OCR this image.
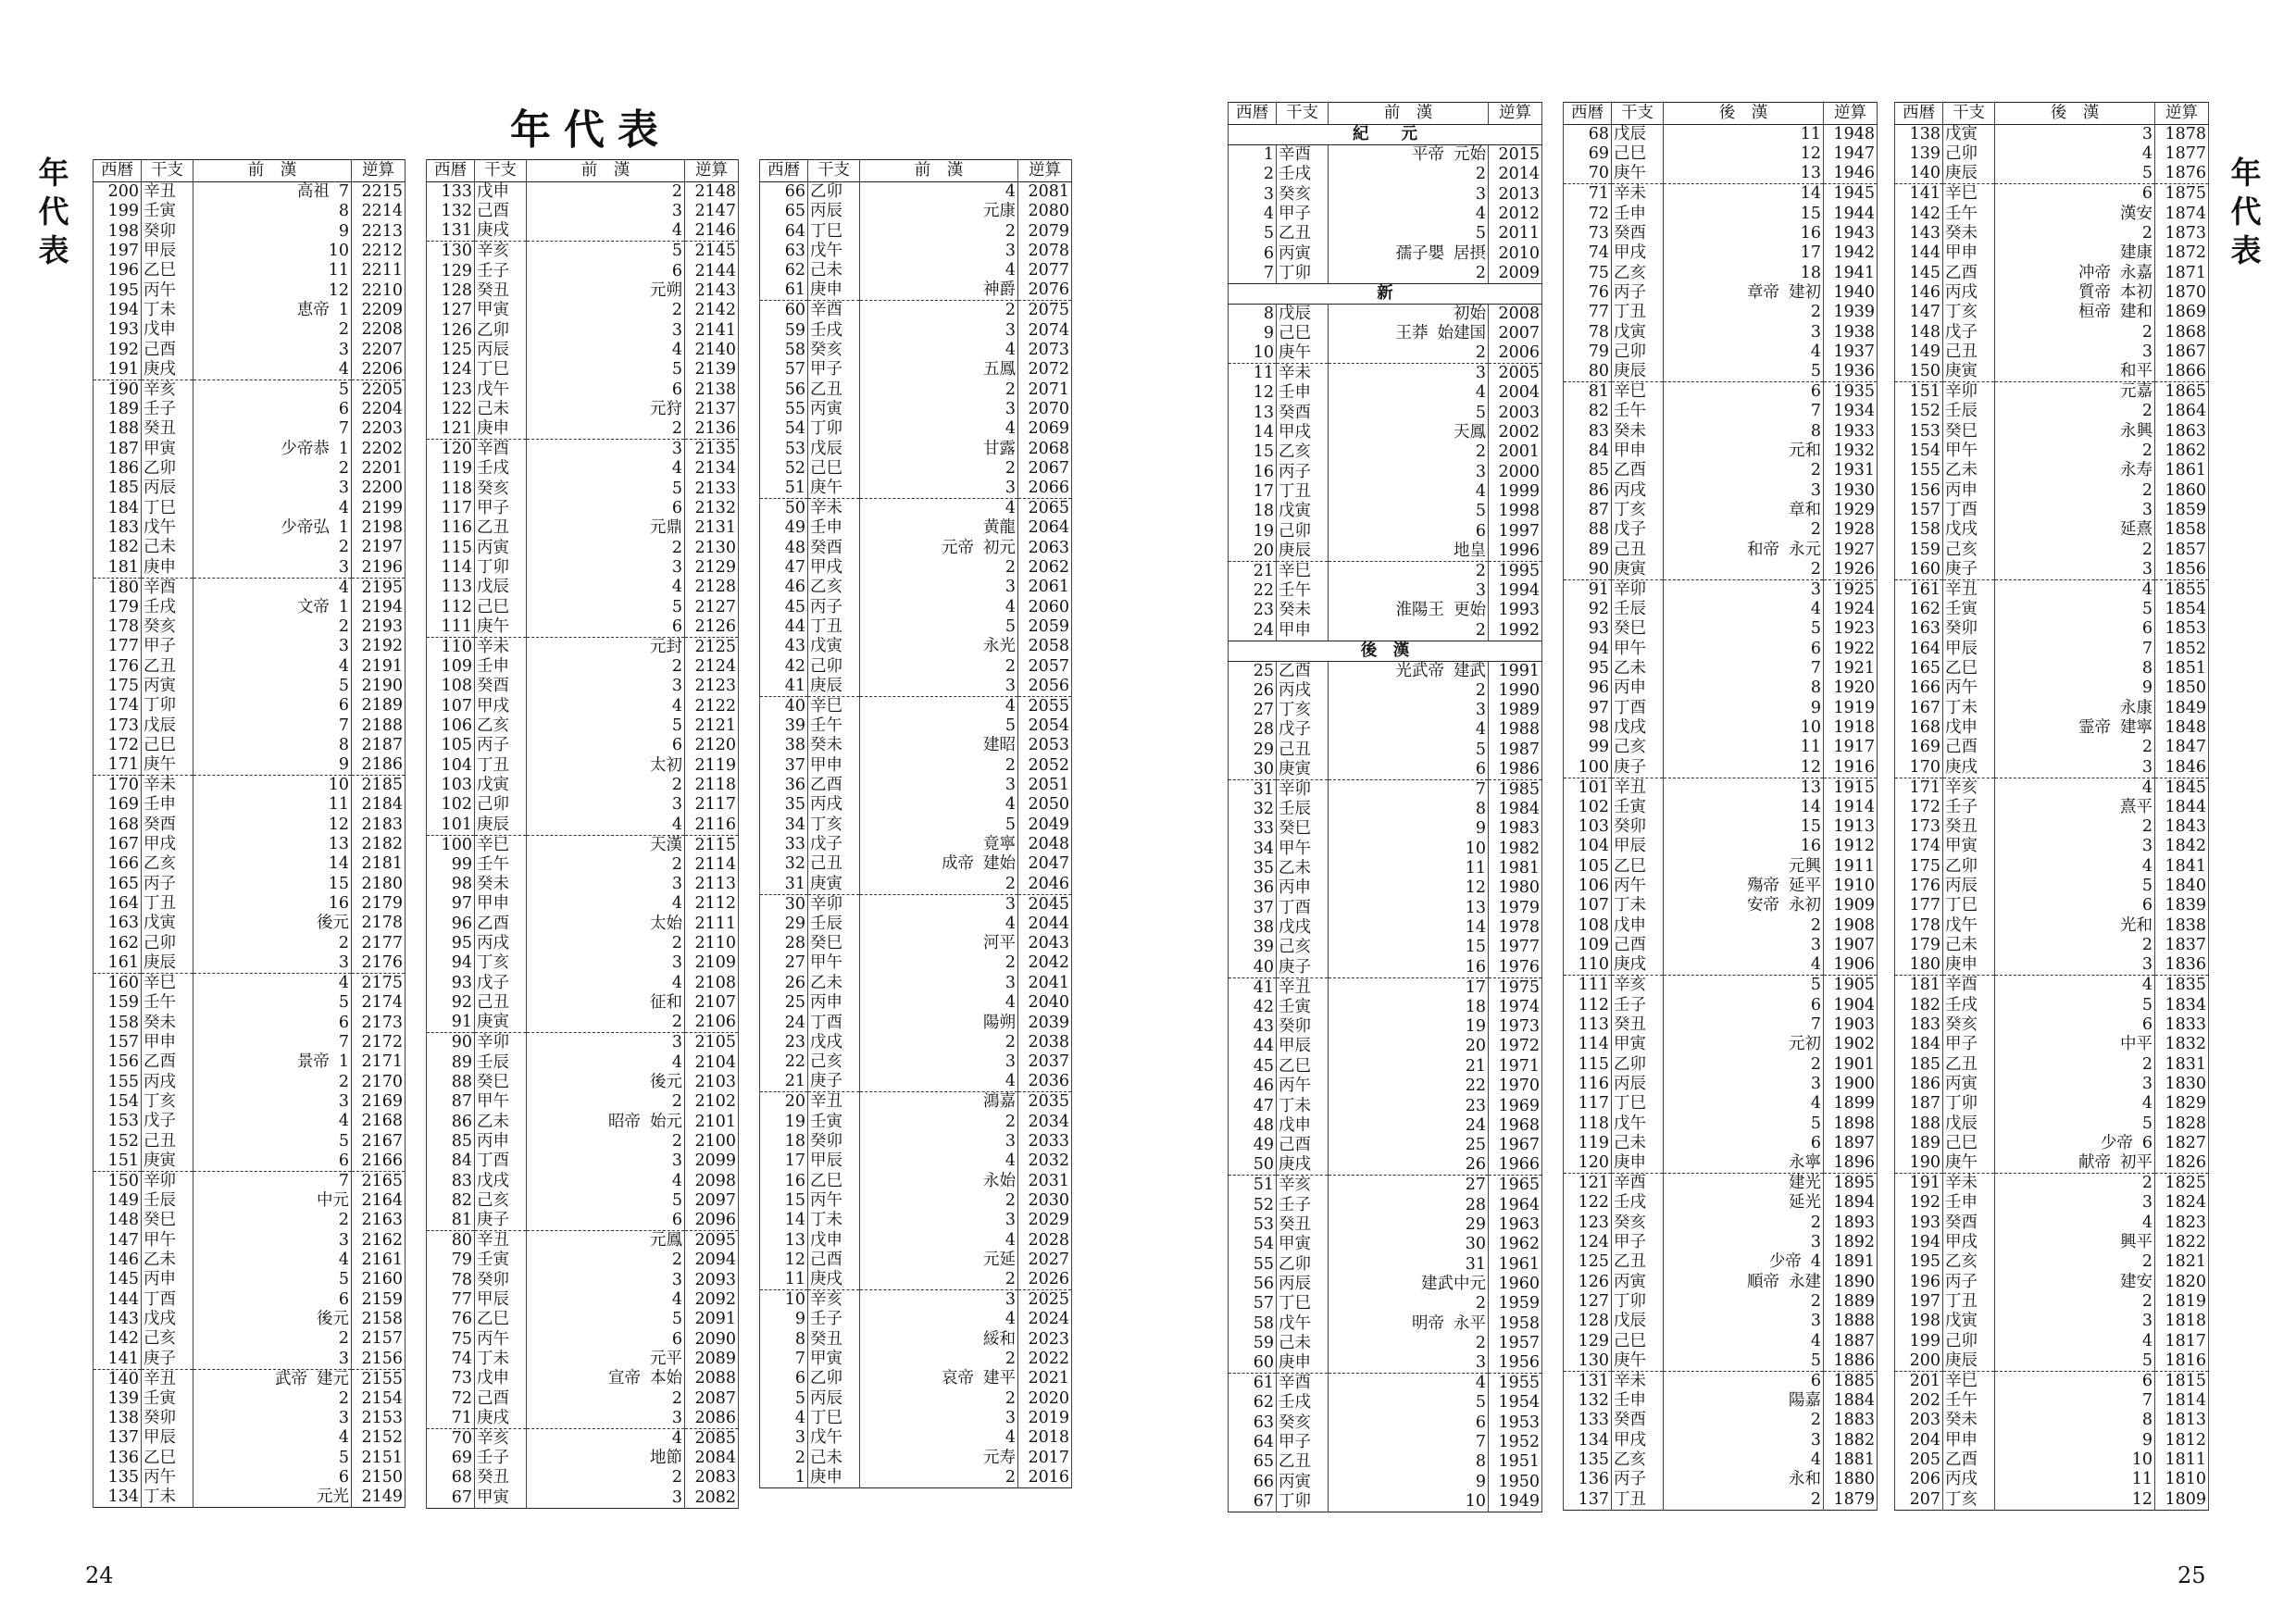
年代表
年
代
表
年
代
表
西暦	干支	前　漢	逆算
200	辛丑	高祖 7	2215
199	壬寅	8	2214
198	癸卯	9	2213
197	甲辰	10	2212
196	乙巳	11	2211
195	丙午	12	2210
194	丁未	恵帝 1	2209
193	戊申	2	2208
192	己酉	3	2207
191	庚戌	4	2206
190	辛亥	5	2205
189	壬子	6	2204
188	癸丑	7	2203
187	甲寅	少帝恭 1	2202
186	乙卯	2	2201
185	丙辰	3	2200
184	丁巳	4	2199
183	戊午	少帝弘 1	2198
182	己未	2	2197
181	庚申	3	2196
180	辛酉	4	2195
179	壬戌	文帝 1	2194
178	癸亥	2	2193
177	甲子	3	2192
176	乙丑	4	2191
175	丙寅	5	2190
174	丁卯	6	2189
173	戊辰	7	2188
172	己巳	8	2187
171	庚午	9	2186
170	辛未	10	2185
169	壬申	11	2184
168	癸酉	12	2183
167	甲戌	13	2182
166	乙亥	14	2181
165	丙子	15	2180
164	丁丑	16	2179
163	戊寅	後元	2178
162	己卯	2	2177
161	庚辰	3	2176
160	辛巳	4	2175
159	壬午	5	2174
158	癸未	6	2173
157	甲申	7	2172
156	乙酉	景帝 1	2171
155	丙戌	2	2170
154	丁亥	3	2169
153	戊子	4	2168
152	己丑	5	2167
151	庚寅	6	2166
150	辛卯	7	2165
149	壬辰	中元	2164
148	癸巳	2	2163
147	甲午	3	2162
146	乙未	4	2161
145	丙申	5	2160
144	丁酉	6	2159
143	戊戌	後元	2158
142	己亥	2	2157
141	庚子	3	2156
140	辛丑	武帝 建元	2155
139	壬寅	2	2154
138	癸卯	3	2153
137	甲辰	4	2152
136	乙巳	5	2151
135	丙午	6	2150
134	丁未	元光	2149
西暦	干支	前　漢	逆算
133	戊申	2	2148
132	己酉	3	2147
131	庚戌	4	2146
130	辛亥	5	2145
129	壬子	6	2144
128	癸丑	元朔	2143
127	甲寅	2	2142
126	乙卯	3	2141
125	丙辰	4	2140
124	丁巳	5	2139
123	戊午	6	2138
122	己未	元狩	2137
121	庚申	2	2136
120	辛酉	3	2135
119	壬戌	4	2134
118	癸亥	5	2133
117	甲子	6	2132
116	乙丑	元鼎	2131
115	丙寅	2	2130
114	丁卯	3	2129
113	戊辰	4	2128
112	己巳	5	2127
111	庚午	6	2126
110	辛未	元封	2125
109	壬申	2	2124
108	癸酉	3	2123
107	甲戌	4	2122
106	乙亥	5	2121
105	丙子	6	2120
104	丁丑	太初	2119
103	戊寅	2	2118
102	己卯	3	2117
101	庚辰	4	2116
100	辛巳	天漢	2115
99	壬午	2	2114
98	癸未	3	2113
97	甲申	4	2112
96	乙酉	太始	2111
95	丙戌	2	2110
94	丁亥	3	2109
93	戊子	4	2108
92	己丑	征和	2107
91	庚寅	2	2106
90	辛卯	3	2105
89	壬辰	4	2104
88	癸巳	後元	2103
87	甲午	2	2102
86	乙未	昭帝 始元	2101
85	丙申	2	2100
84	丁酉	3	2099
83	戊戌	4	2098
82	己亥	5	2097
81	庚子	6	2096
80	辛丑	元鳳	2095
79	壬寅	2	2094
78	癸卯	3	2093
77	甲辰	4	2092
76	乙巳	5	2091
75	丙午	6	2090
74	丁未	元平	2089
73	戊申	宣帝 本始	2088
72	己酉	2	2087
71	庚戌	3	2086
70	辛亥	4	2085
69	壬子	地節	2084
68	癸丑	2	2083
67	甲寅	3	2082
西暦	干支	前　漢	逆算
66	乙卯	4	2081
65	丙辰	元康	2080
64	丁巳	2	2079
63	戊午	3	2078
62	己未	4	2077
61	庚申	神爵	2076
60	辛酉	2	2075
59	壬戌	3	2074
58	癸亥	4	2073
57	甲子	五鳳	2072
56	乙丑	2	2071
55	丙寅	3	2070
54	丁卯	4	2069
53	戊辰	甘露	2068
52	己巳	2	2067
51	庚午	3	2066
50	辛未	4	2065
49	壬申	黄龍	2064
48	癸酉	元帝 初元	2063
47	甲戌	2	2062
46	乙亥	3	2061
45	丙子	4	2060
44	丁丑	5	2059
43	戊寅	永光	2058
42	己卯	2	2057
41	庚辰	3	2056
40	辛巳	4	2055
39	壬午	5	2054
38	癸未	建昭	2053
37	甲申	2	2052
36	乙酉	3	2051
35	丙戌	4	2050
34	丁亥	5	2049
33	戊子	竟寧	2048
32	己丑	成帝 建始	2047
31	庚寅	2	2046
30	辛卯	3	2045
29	壬辰	4	2044
28	癸巳	河平	2043
27	甲午	2	2042
26	乙未	3	2041
25	丙申	4	2040
24	丁酉	陽朔	2039
23	戊戌	2	2038
22	己亥	3	2037
21	庚子	4	2036
20	辛丑	鴻嘉	2035
19	壬寅	2	2034
18	癸卯	3	2033
17	甲辰	4	2032
16	乙巳	永始	2031
15	丙午	2	2030
14	丁未	3	2029
13	戊申	4	2028
12	己酉	元延	2027
11	庚戌	2	2026
10	辛亥	3	2025
9	壬子	4	2024
8	癸丑	綏和	2023
7	甲寅	2	2022
6	乙卯	哀帝 建平	2021
5	丙辰	2	2020
4	丁巳	3	2019
3	戊午	4	2018
2	己未	元寿	2017
1	庚申	2	2016
西暦	干支	前　漢	逆算
紀　　元			
1	辛酉	平帝 元始	2015
2	壬戌	2	2014
3	癸亥	3	2013
4	甲子	4	2012
5	乙丑	5	2011
6	丙寅	孺子嬰 居摂	2010
7	丁卯	2	2009
新			
8	戊辰	初始	2008
9	己巳	王莽 始建国	2007
10	庚午	2	2006
11	辛未	3	2005
12	壬申	4	2004
13	癸酉	5	2003
14	甲戌	天鳳	2002
15	乙亥	2	2001
16	丙子	3	2000
17	丁丑	4	1999
18	戊寅	5	1998
19	己卯	6	1997
20	庚辰	地皇	1996
21	辛巳	2	1995
22	壬午	3	1994
23	癸未	淮陽王 更始	1993
24	甲申	2	1992
後　漢			
25	乙酉	光武帝 建武	1991
26	丙戌	2	1990
27	丁亥	3	1989
28	戊子	4	1988
29	己丑	5	1987
30	庚寅	6	1986
31	辛卯	7	1985
32	壬辰	8	1984
33	癸巳	9	1983
34	甲午	10	1982
35	乙未	11	1981
36	丙申	12	1980
37	丁酉	13	1979
38	戊戌	14	1978
39	己亥	15	1977
40	庚子	16	1976
41	辛丑	17	1975
42	壬寅	18	1974
43	癸卯	19	1973
44	甲辰	20	1972
45	乙巳	21	1971
46	丙午	22	1970
47	丁未	23	1969
48	戊申	24	1968
49	己酉	25	1967
50	庚戌	26	1966
51	辛亥	27	1965
52	壬子	28	1964
53	癸丑	29	1963
54	甲寅	30	1962
55	乙卯	31	1961
56	丙辰	建武中元	1960
57	丁巳	2	1959
58	戊午	明帝 永平	1958
59	己未	2	1957
60	庚申	3	1956
61	辛酉	4	1955
62	壬戌	5	1954
63	癸亥	6	1953
64	甲子	7	1952
65	乙丑	8	1951
66	丙寅	9	1950
67	丁卯	10	1949
西暦	干支	後　漢	逆算
68	戊辰	11	1948
69	己巳	12	1947
70	庚午	13	1946
71	辛未	14	1945
72	壬申	15	1944
73	癸酉	16	1943
74	甲戌	17	1942
75	乙亥	18	1941
76	丙子	章帝 建初	1940
77	丁丑	2	1939
78	戊寅	3	1938
79	己卯	4	1937
80	庚辰	5	1936
81	辛巳	6	1935
82	壬午	7	1934
83	癸未	8	1933
84	甲申	元和	1932
85	乙酉	2	1931
86	丙戌	3	1930
87	丁亥	章和	1929
88	戊子	2	1928
89	己丑	和帝 永元	1927
90	庚寅	2	1926
91	辛卯	3	1925
92	壬辰	4	1924
93	癸巳	5	1923
94	甲午	6	1922
95	乙未	7	1921
96	丙申	8	1920
97	丁酉	9	1919
98	戊戌	10	1918
99	己亥	11	1917
100	庚子	12	1916
101	辛丑	13	1915
102	壬寅	14	1914
103	癸卯	15	1913
104	甲辰	16	1912
105	乙巳	元興	1911
106	丙午	殤帝 延平	1910
107	丁未	安帝 永初	1909
108	戊申	2	1908
109	己酉	3	1907
110	庚戌	4	1906
111	辛亥	5	1905
112	壬子	6	1904
113	癸丑	7	1903
114	甲寅	元初	1902
115	乙卯	2	1901
116	丙辰	3	1900
117	丁巳	4	1899
118	戊午	5	1898
119	己未	6	1897
120	庚申	永寧	1896
121	辛酉	建光	1895
122	壬戌	延光	1894
123	癸亥	2	1893
124	甲子	3	1892
125	乙丑	少帝 4	1891
126	丙寅	順帝 永建	1890
127	丁卯	2	1889
128	戊辰	3	1888
129	己巳	4	1887
130	庚午	5	1886
131	辛未	6	1885
132	壬申	陽嘉	1884
133	癸酉	2	1883
134	甲戌	3	1882
135	乙亥	4	1881
136	丙子	永和	1880
137	丁丑	2	1879
西暦	干支	後　漢	逆算
138	戊寅	3	1878
139	己卯	4	1877
140	庚辰	5	1876
141	辛巳	6	1875
142	壬午	漢安	1874
143	癸未	2	1873
144	甲申	建康	1872
145	乙酉	冲帝 永嘉	1871
146	丙戌	質帝 本初	1870
147	丁亥	桓帝 建和	1869
148	戊子	2	1868
149	己丑	3	1867
150	庚寅	和平	1866
151	辛卯	元嘉	1865
152	壬辰	2	1864
153	癸巳	永興	1863
154	甲午	2	1862
155	乙未	永寿	1861
156	丙申	2	1860
157	丁酉	3	1859
158	戊戌	延熹	1858
159	己亥	2	1857
160	庚子	3	1856
161	辛丑	4	1855
162	壬寅	5	1854
163	癸卯	6	1853
164	甲辰	7	1852
165	乙巳	8	1851
166	丙午	9	1850
167	丁未	永康	1849
168	戊申	霊帝 建寧	1848
169	己酉	2	1847
170	庚戌	3	1846
171	辛亥	4	1845
172	壬子	熹平	1844
173	癸丑	2	1843
174	甲寅	3	1842
175	乙卯	4	1841
176	丙辰	5	1840
177	丁巳	6	1839
178	戊午	光和	1838
179	己未	2	1837
180	庚申	3	1836
181	辛酉	4	1835
182	壬戌	5	1834
183	癸亥	6	1833
184	甲子	中平	1832
185	乙丑	2	1831
186	丙寅	3	1830
187	丁卯	4	1829
188	戊辰	5	1828
189	己巳	少帝 6	1827
190	庚午	献帝 初平	1826
191	辛未	2	1825
192	壬申	3	1824
193	癸酉	4	1823
194	甲戌	興平	1822
195	乙亥	2	1821
196	丙子	建安	1820
197	丁丑	2	1819
198	戊寅	3	1818
199	己卯	4	1817
200	庚辰	5	1816
201	辛巳	6	1815
202	壬午	7	1814
203	癸未	8	1813
204	甲申	9	1812
205	乙酉	10	1811
206	丙戌	11	1810
207	丁亥	12	1809
24	25
